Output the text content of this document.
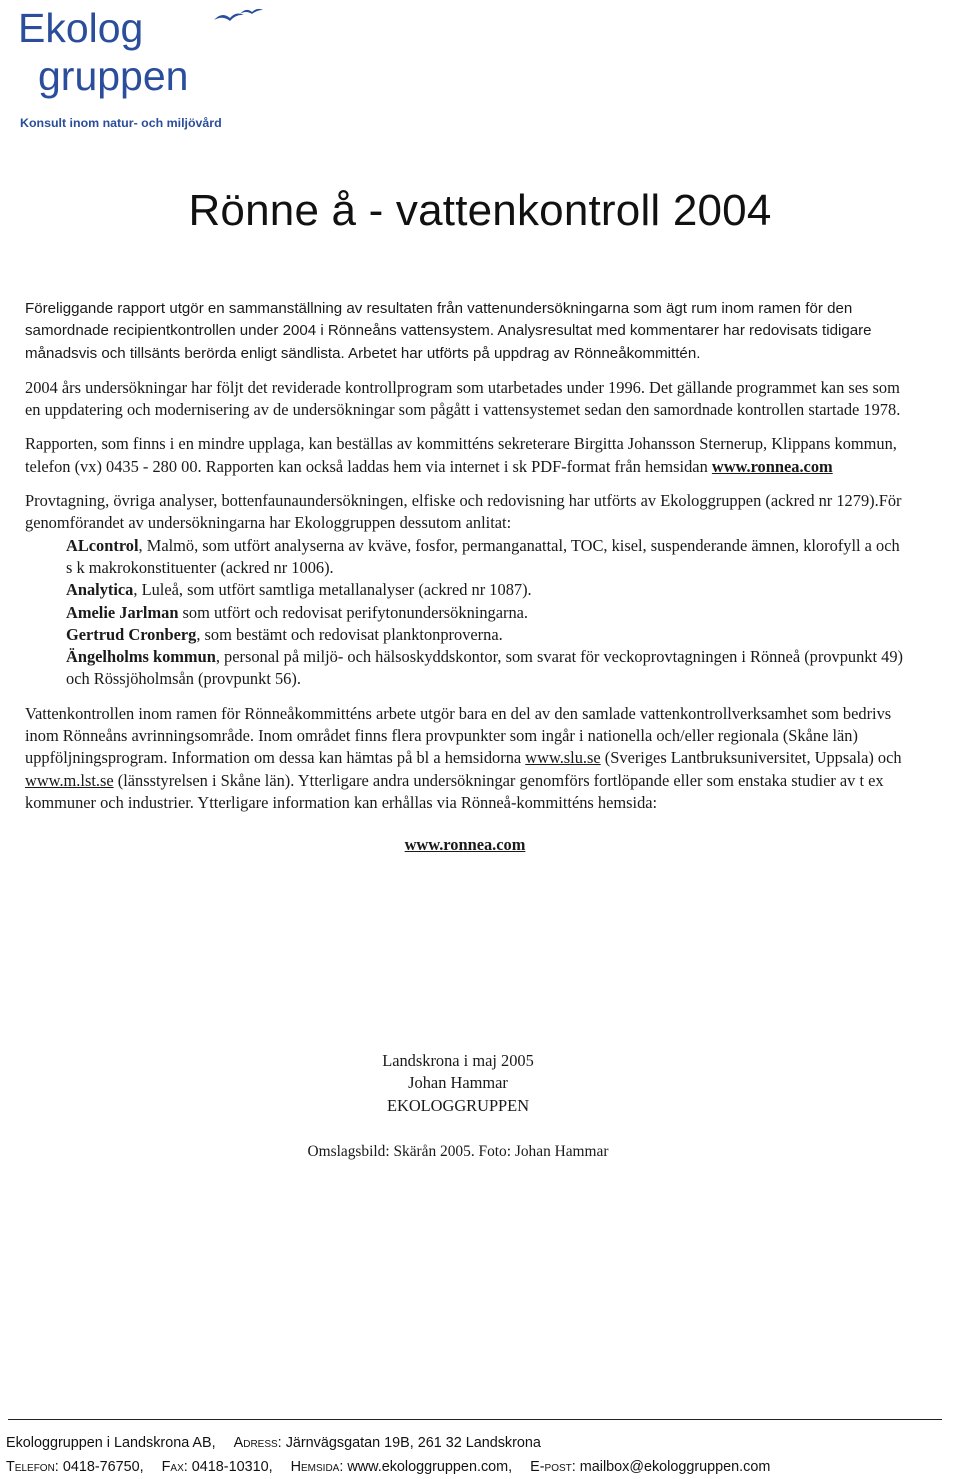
Ekolog
gruppen
Konsult inom natur- och miljövård
Rönne å - vattenkontroll 2004

Föreliggande rapport utgör en sammanställning av resultaten från vattenundersökningarna som ägt rum inom ramen för den samordnade recipientkontrollen under 2004 i Rönneåns vattensystem. Analysresultat med kommentarer har redovisats tidigare månadsvis och tillsänts berörda enligt sändlista. Arbetet har utförts på uppdrag av Rönneåkommittén.

2004 års undersökningar har följt det reviderade kontrollprogram som utarbetades under 1996. Det gällande programmet kan ses som en uppdatering och modernisering av de undersökningar som pågått i vattensystemet sedan den samordnade kontrollen startade 1978.

Rapporten, som finns i en mindre upplaga, kan beställas av kommitténs sekreterare Birgitta Johansson Sternerup, Klippans kommun, telefon (vx) 0435 - 280 00. Rapporten kan också laddas hem via internet i sk PDF-format från hemsidan www.ronnea.com

Provtagning, övriga analyser, bottenfaunaundersökningen, elfiske och redovisning har utförts av Ekologgruppen (ackred nr 1279).För genomförandet av undersökningarna har Ekologgruppen dessutom anlitat:

ALcontrol, Malmö, som utfört analyserna av kväve, fosfor, permanganattal, TOC, kisel, suspenderande ämnen, klorofyll a och s k makrokonstituenter (ackred nr 1006).
Analytica, Luleå, som utfört samtliga metallanalyser (ackred nr 1087).
Amelie Jarlman som utfört och redovisat perifytonundersökningarna.
Gertrud Cronberg, som bestämt och redovisat planktonproverna.
Ängelholms kommun, personal på miljö- och hälsoskyddskontor, som svarat för veckoprovtagningen i Rönneå (provpunkt 49) och Rössjöholmsån (provpunkt 56).

Vattenkontrollen inom ramen för Rönneåkommitténs arbete utgör bara en del av den samlade vattenkontrollverksamhet som bedrivs inom Rönneåns avrinningsområde. Inom området finns flera provpunkter som ingår i nationella och/eller regionala (Skåne län) uppföljningsprogram. Information om dessa kan hämtas på bl a hemsidorna www.slu.se (Sveriges Lantbruksuniversitet, Uppsala) och www.m.lst.se (länsstyrelsen i Skåne län). Ytterligare andra undersökningar genomförs fortlöpande eller som enstaka studier av t ex kommuner och industrier. Ytterligare information kan erhållas via Rönneå-kommitténs hemsida:

www.ronnea.com

Landskrona i maj 2005
Johan Hammar
EKOLOGGRUPPEN
Omslagsbild: Skärån 2005. Foto: Johan Hammar
Ekologgruppen i Landskrona AB, Adress: Järnvägsgatan 19B, 261 32 Landskrona
Telefon: 0418-76750, Fax: 0418-10310, Hemsida: www.ekologgruppen.com, E-post: mailbox@ekologgruppen.com
